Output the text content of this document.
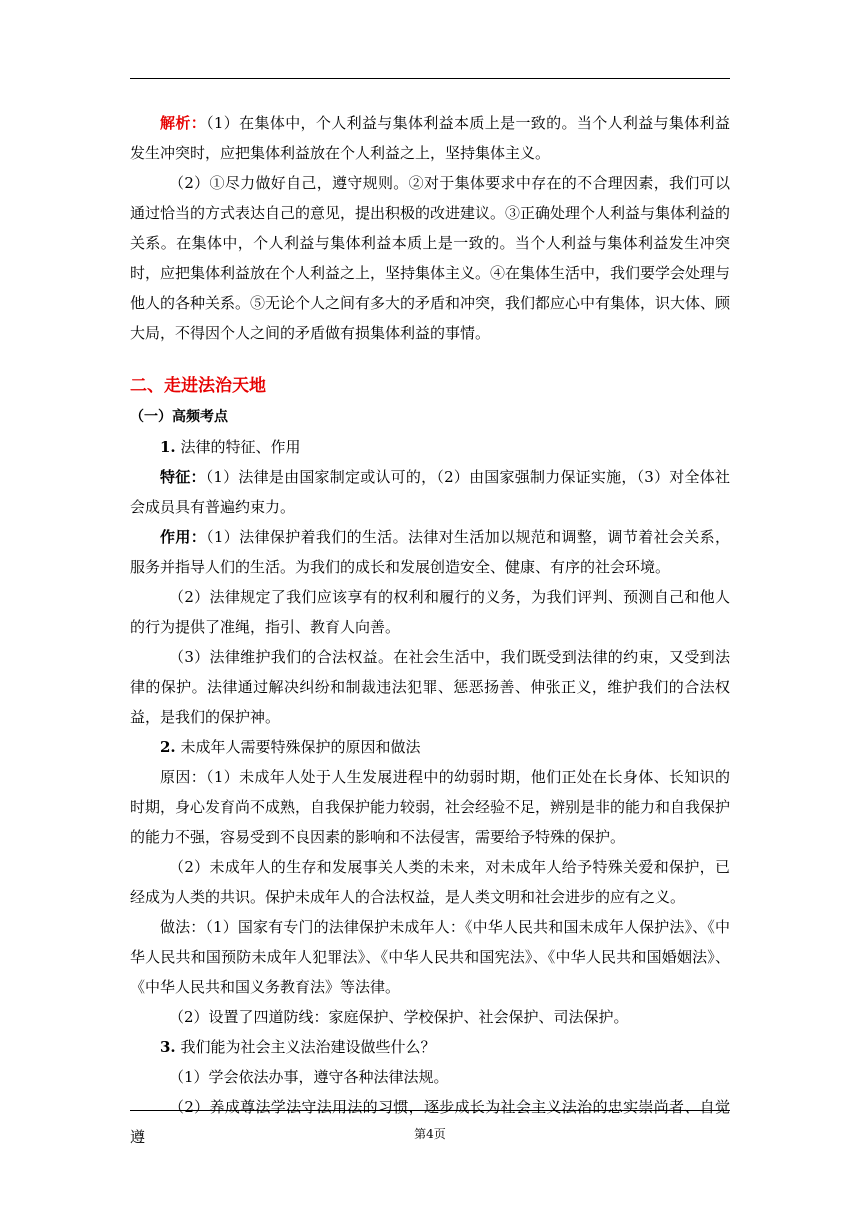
解析：（1）在集体中，个人利益与集体利益本质上是一致的。当个人利益与集体利益发生冲突时，应把集体利益放在个人利益之上，坚持集体主义。

（2）①尽力做好自己，遵守规则。②对于集体要求中存在的不合理因素，我们可以通过恰当的方式表达自己的意见，提出积极的改进建议。③正确处理个人利益与集体利益的关系。在集体中，个人利益与集体利益本质上是一致的。当个人利益与集体利益发生冲突时，应把集体利益放在个人利益之上，坚持集体主义。④在集体生活中，我们要学会处理与他人的各种关系。⑤无论个人之间有多大的矛盾和冲突，我们都应心中有集体，识大体、顾大局，不得因个人之间的矛盾做有损集体利益的事情。

二、走进法治天地
（一）高频考点

1. 法律的特征、作用

特征：（1）法律是由国家制定或认可的，（2）由国家强制力保证实施，（3）对全体社会成员具有普遍约束力。

作用：（1）法律保护着我们的生活。法律对生活加以规范和调整，调节着社会关系，服务并指导人们的生活。为我们的成长和发展创造安全、健康、有序的社会环境。

（2）法律规定了我们应该享有的权利和履行的义务，为我们评判、预测自己和他人的行为提供了准绳，指引、教育人向善。

（3）法律维护我们的合法权益。在社会生活中，我们既受到法律的约束，又受到法律的保护。法律通过解决纠纷和制裁违法犯罪、惩恶扬善、伸张正义，维护我们的合法权益，是我们的保护神。

2. 未成年人需要特殊保护的原因和做法

原因：（1）未成年人处于人生发展进程中的幼弱时期，他们正处在长身体、长知识的时期，身心发育尚不成熟，自我保护能力较弱，社会经验不足，辨别是非的能力和自我保护的能力不强，容易受到不良因素的影响和不法侵害，需要给予特殊的保护。

（2）未成年人的生存和发展事关人类的未来，对未成年人给予特殊关爱和保护，已经成为人类的共识。保护未成年人的合法权益，是人类文明和社会进步的应有之义。

做法：（1）国家有专门的法律保护未成年人：《中华人民共和国未成年人保护法》、《中华人民共和国预防未成年人犯罪法》、《中华人民共和国宪法》、《中华人民共和国婚姻法》、《中华人民共和国义务教育法》等法律。

（2）设置了四道防线：家庭保护、学校保护、社会保护、司法保护。

3. 我们能为社会主义法治建设做些什么？

（1）学会依法办事，遵守各种法律法规。

（2）养成尊法学法守法用法的习惯，逐步成长为社会主义法治的忠实崇尚者、自觉遵	第4页
